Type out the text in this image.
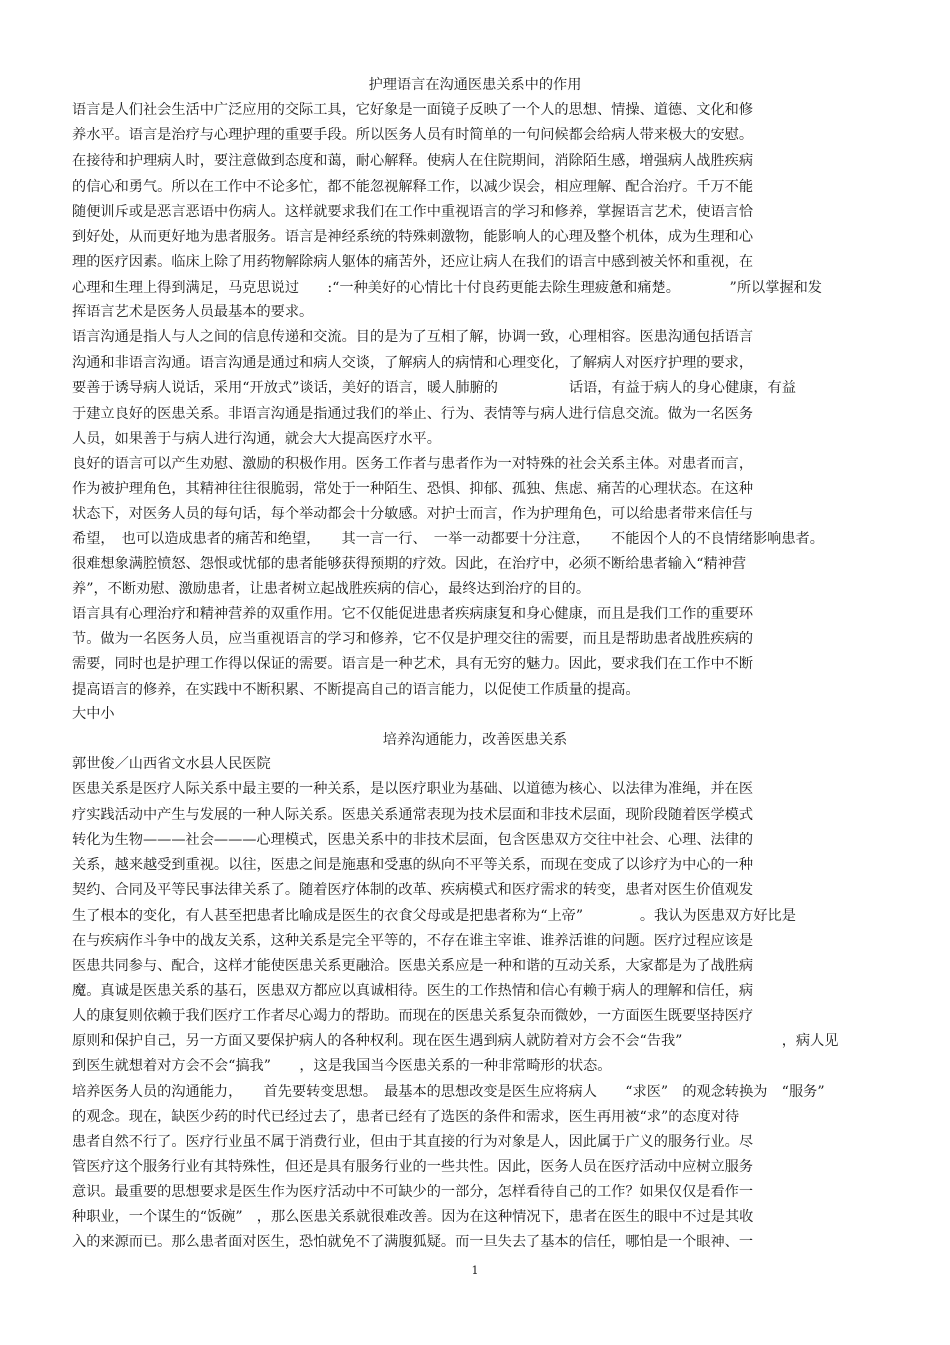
护理语言在沟通医患关系中的作用
语言是人们社会生活中广泛应用的交际工具，它好象是一面镜子反映了一个人的思想、情操、道德、文化和修
养水平。语言是治疗与心理护理的重要手段。所以医务人员有时简单的一句问候都会给病人带来极大的安慰。
在接待和护理病人时，要注意做到态度和蔼，耐心解释。使病人在住院期间，消除陌生感，增强病人战胜疾病
的信心和勇气。所以在工作中不论多忙，都不能忽视解释工作，以减少误会，相应理解、配合治疗。千万不能
随便训斥或是恶言恶语中伤病人。这样就要求我们在工作中重视语言的学习和修养，掌握语言艺术，使语言恰
到好处，从而更好地为患者服务。语言是神经系统的特殊刺激物，能影响人的心理及整个机体，成为生理和心
理的医疗因素。临床上除了用药物解除病人躯体的痛苦外，还应让病人在我们的语言中感到被关怀和重视，在
心理和生理上得到满足，马克思说过　　:“一种美好的心情比十付良药更能去除生理疲惫和痛楚。　　　　”所以掌握和发
挥语言艺术是医务人员最基本的要求。
语言沟通是指人与人之间的信息传递和交流。目的是为了互相了解，协调一致，心理相容。医患沟通包括语言
沟通和非语言沟通。语言沟通是通过和病人交谈，了解病人的病情和心理变化，了解病人对医疗护理的要求，
要善于诱导病人说话，采用“开放式”谈话，美好的语言，暖人肺腑的　　　　　话语，有益于病人的身心健康，有益
于建立良好的医患关系。非语言沟通是指通过我们的举止、行为、表情等与病人进行信息交流。做为一名医务
人员，如果善于与病人进行沟通，就会大大提高医疗水平。
良好的语言可以产生劝慰、激励的积极作用。医务工作者与患者作为一对特殊的社会关系主体。对患者而言，
作为被护理角色，其精神往往很脆弱，常处于一种陌生、恐惧、抑郁、孤独、焦虑、痛苦的心理状态。在这种
状态下，对医务人员的每句话，每个举动都会十分敏感。对护士而言，作为护理角色，可以给患者带来信任与
希望，　也可以造成患者的痛苦和绝望，　　其一言一行、　一举一动都要十分注意，　　不能因个人的不良情绪影响患者。
很难想象满腔愤怒、怨恨或忧郁的患者能够获得预期的疗效。因此，在治疗中，必须不断给患者输入“精神营
养”，不断劝慰、激励患者，让患者树立起战胜疾病的信心，最终达到治疗的目的。
语言具有心理治疗和精神营养的双重作用。它不仅能促进患者疾病康复和身心健康，而且是我们工作的重要环
节。做为一名医务人员，应当重视语言的学习和修养，它不仅是护理交往的需要，而且是帮助患者战胜疾病的
需要，同时也是护理工作得以保证的需要。语言是一种艺术，具有无穷的魅力。因此，要求我们在工作中不断
提高语言的修养，在实践中不断积累、不断提高自己的语言能力，以促使工作质量的提高。
大中小
培养沟通能力，改善医患关系
郭世俊／山西省文水县人民医院
医患关系是医疗人际关系中最主要的一种关系，是以医疗职业为基础、以道德为核心、以法律为准绳，并在医
疗实践活动中产生与发展的一种人际关系。医患关系通常表现为技术层面和非技术层面，现阶段随着医学模式
转化为生物———社会———心理模式，医患关系中的非技术层面，包含医患双方交往中社会、心理、法律的
关系，越来越受到重视。以往，医患之间是施惠和受惠的纵向不平等关系，而现在变成了以诊疗为中心的一种
契约、合同及平等民事法律关系了。随着医疗体制的改革、疾病模式和医疗需求的转变，患者对医生价值观发
生了根本的变化，有人甚至把患者比喻成是医生的衣食父母或是把患者称为“上帝”　　　　。我认为医患双方好比是
在与疾病作斗争中的战友关系，这种关系是完全平等的，不存在谁主宰谁、谁养活谁的问题。医疗过程应该是
医患共同参与、配合，这样才能使医患关系更融洽。医患关系应是一种和谐的互动关系，大家都是为了战胜病
魔。真诚是医患关系的基石，医患双方都应以真诚相待。医生的工作热情和信心有赖于病人的理解和信任，病
人的康复则依赖于我们医疗工作者尽心竭力的帮助。而现在的医患关系复杂而微妙，一方面医生既要坚持医疗
原则和保护自己，另一方面又要保护病人的各种权利。现在医生遇到病人就防着对方会不会“告我”　　　　　　　，病人见
到医生就想着对方会不会“搞我”　　，这是我国当今医患关系的一种非常畸形的状态。
培养医务人员的沟通能力，　　首先要转变思想。　最基本的思想改变是医生应将病人　　“求医”　的观念转换为　“服务”
的观念。现在，缺医少药的时代已经过去了，患者已经有了选医的条件和需求，医生再用被“求”的态度对待
患者自然不行了。医疗行业虽不属于消费行业，但由于其直接的行为对象是人，因此属于广义的服务行业。尽
管医疗这个服务行业有其特殊性，但还是具有服务行业的一些共性。因此，医务人员在医疗活动中应树立服务
意识。最重要的思想要求是医生作为医疗活动中不可缺少的一部分，怎样看待自己的工作？如果仅仅是看作一
种职业，一个谋生的“饭碗”　，那么医患关系就很难改善。因为在这种情况下，患者在医生的眼中不过是其收
入的来源而已。那么患者面对医生，恐怕就免不了满腹狐疑。而一旦失去了基本的信任，哪怕是一个眼神、一
1
